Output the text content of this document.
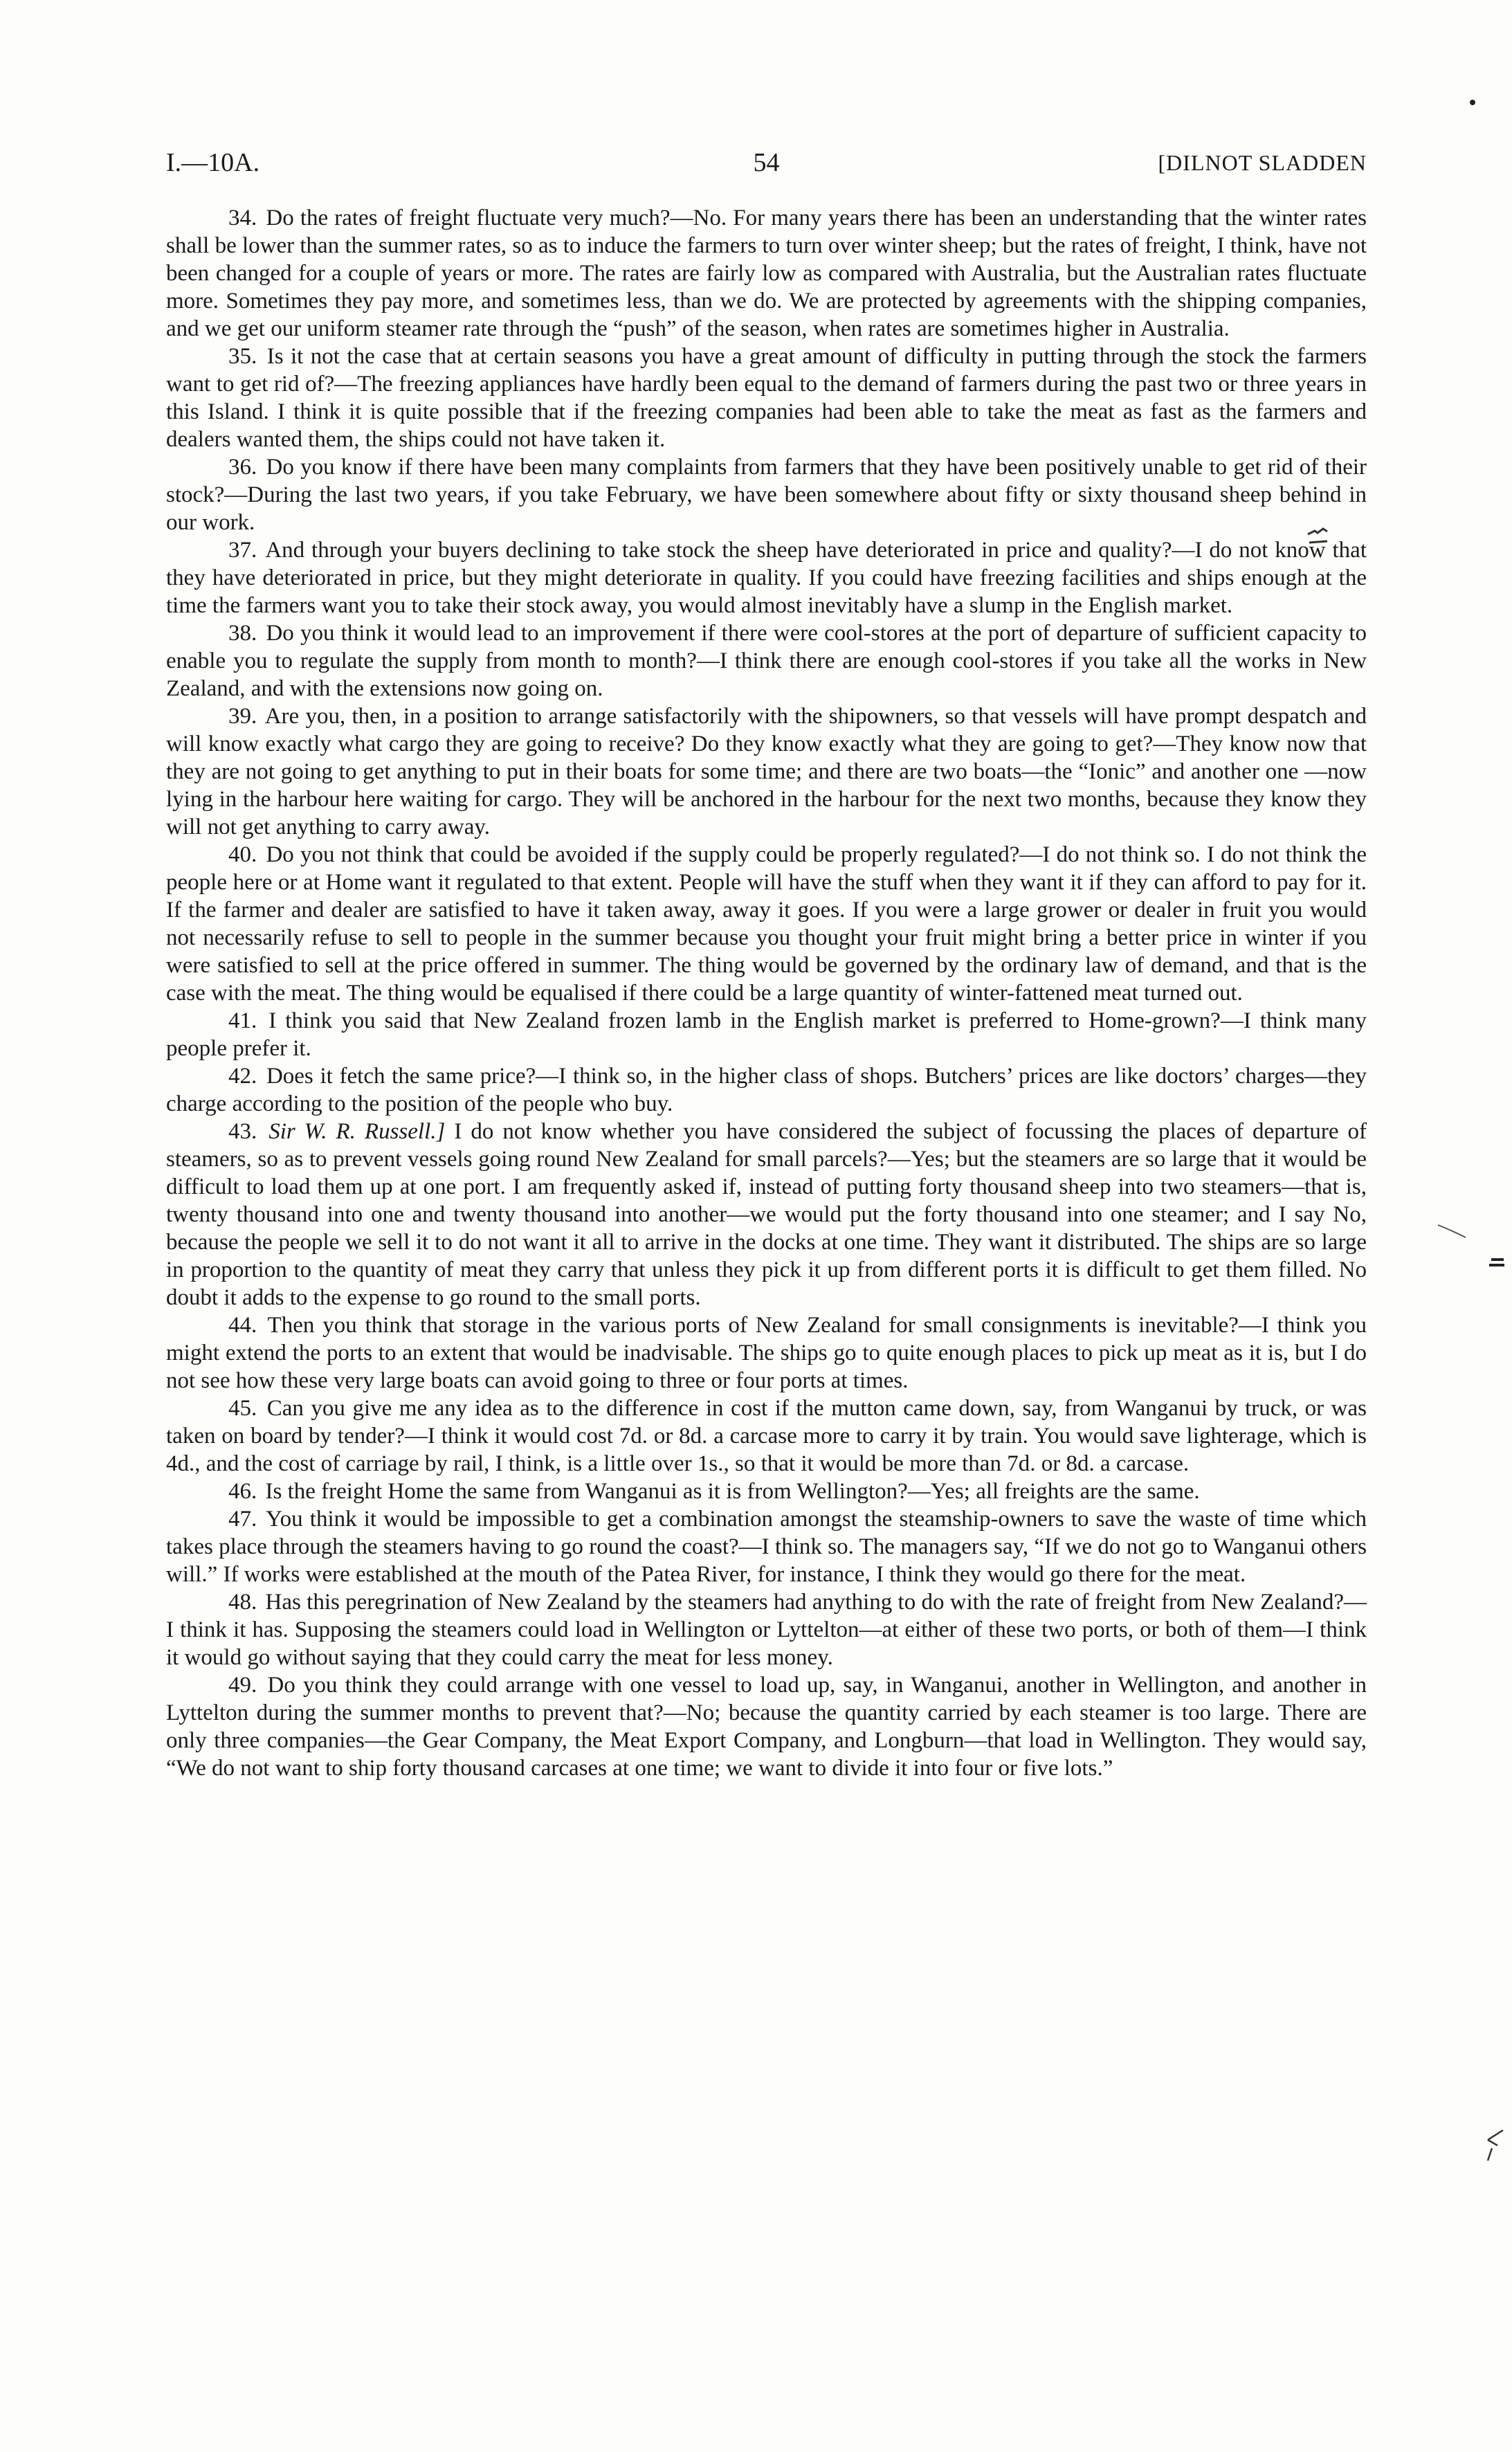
I.—10A.	54	[DILNOT SLADDEN

34. Do the rates of freight fluctuate very much?—No. For many years there has been an understanding that the winter rates shall be lower than the summer rates, so as to induce the farmers to turn over winter sheep; but the rates of freight, I think, have not been changed for a couple of years or more. The rates are fairly low as compared with Australia, but the Australian rates fluctuate more. Sometimes they pay more, and sometimes less, than we do. We are protected by agreements with the shipping companies, and we get our uniform steamer rate through the “push” of the season, when rates are sometimes higher in Australia.

35. Is it not the case that at certain seasons you have a great amount of difficulty in putting through the stock the farmers want to get rid of?—The freezing appliances have hardly been equal to the demand of farmers during the past two or three years in this Island. I think it is quite possible that if the freezing companies had been able to take the meat as fast as the farmers and dealers wanted them, the ships could not have taken it.

36. Do you know if there have been many complaints from farmers that they have been positively unable to get rid of their stock?—During the last two years, if you take February, we have been somewhere about fifty or sixty thousand sheep behind in our work.

37. And through your buyers declining to take stock the sheep have deteriorated in price and quality?—I do not know that they have deteriorated in price, but they might deteriorate in quality. If you could have freezing facilities and ships enough at the time the farmers want you to take their stock away, you would almost inevitably have a slump in the English market.

38. Do you think it would lead to an improvement if there were cool-stores at the port of departure of sufficient capacity to enable you to regulate the supply from month to month?—I think there are enough cool-stores if you take all the works in New Zealand, and with the extensions now going on.

39. Are you, then, in a position to arrange satisfactorily with the shipowners, so that vessels will have prompt despatch and will know exactly what cargo they are going to receive? Do they know exactly what they are going to get?—They know now that they are not going to get anything to put in their boats for some time; and there are two boats—the “Ionic” and another one —now lying in the harbour here waiting for cargo. They will be anchored in the harbour for the next two months, because they know they will not get anything to carry away.

40. Do you not think that could be avoided if the supply could be properly regulated?—I do not think so. I do not think the people here or at Home want it regulated to that extent. People will have the stuff when they want it if they can afford to pay for it. If the farmer and dealer are satisfied to have it taken away, away it goes. If you were a large grower or dealer in fruit you would not necessarily refuse to sell to people in the summer because you thought your fruit might bring a better price in winter if you were satisfied to sell at the price offered in summer. The thing would be governed by the ordinary law of demand, and that is the case with the meat. The thing would be equalised if there could be a large quantity of winter-fattened meat turned out.

41. I think you said that New Zealand frozen lamb in the English market is preferred to Home-grown?—I think many people prefer it.

42. Does it fetch the same price?—I think so, in the higher class of shops. Butchers’ prices are like doctors’ charges—they charge according to the position of the people who buy.

43. Sir W. R. Russell.] I do not know whether you have considered the subject of focussing the places of departure of steamers, so as to prevent vessels going round New Zealand for small parcels?—Yes; but the steamers are so large that it would be difficult to load them up at one port. I am frequently asked if, instead of putting forty thousand sheep into two steamers—that is, twenty thousand into one and twenty thousand into another—we would put the forty thousand into one steamer; and I say No, because the people we sell it to do not want it all to arrive in the docks at one time. They want it distributed. The ships are so large in proportion to the quantity of meat they carry that unless they pick it up from different ports it is difficult to get them filled. No doubt it adds to the expense to go round to the small ports.

44. Then you think that storage in the various ports of New Zealand for small consignments is inevitable?—I think you might extend the ports to an extent that would be inadvisable. The ships go to quite enough places to pick up meat as it is, but I do not see how these very large boats can avoid going to three or four ports at times.

45. Can you give me any idea as to the difference in cost if the mutton came down, say, from Wanganui by truck, or was taken on board by tender?—I think it would cost 7d. or 8d. a carcase more to carry it by train. You would save lighterage, which is 4d., and the cost of carriage by rail, I think, is a little over 1s., so that it would be more than 7d. or 8d. a carcase.

46. Is the freight Home the same from Wanganui as it is from Wellington?—Yes; all freights are the same.

47. You think it would be impossible to get a combination amongst the steamship-owners to save the waste of time which takes place through the steamers having to go round the coast?—I think so. The managers say, “If we do not go to Wanganui others will.” If works were established at the mouth of the Patea River, for instance, I think they would go there for the meat.

48. Has this peregrination of New Zealand by the steamers had anything to do with the rate of freight from New Zealand?—I think it has. Supposing the steamers could load in Wellington or Lyttelton—at either of these two ports, or both of them—I think it would go without saying that they could carry the meat for less money.

49. Do you think they could arrange with one vessel to load up, say, in Wanganui, another in Wellington, and another in Lyttelton during the summer months to prevent that?—No; because the quantity carried by each steamer is too large. There are only three companies—the Gear Company, the Meat Export Company, and Longburn—that load in Wellington. They would say, “We do not want to ship forty thousand carcases at one time; we want to divide it into four or five lots.”
